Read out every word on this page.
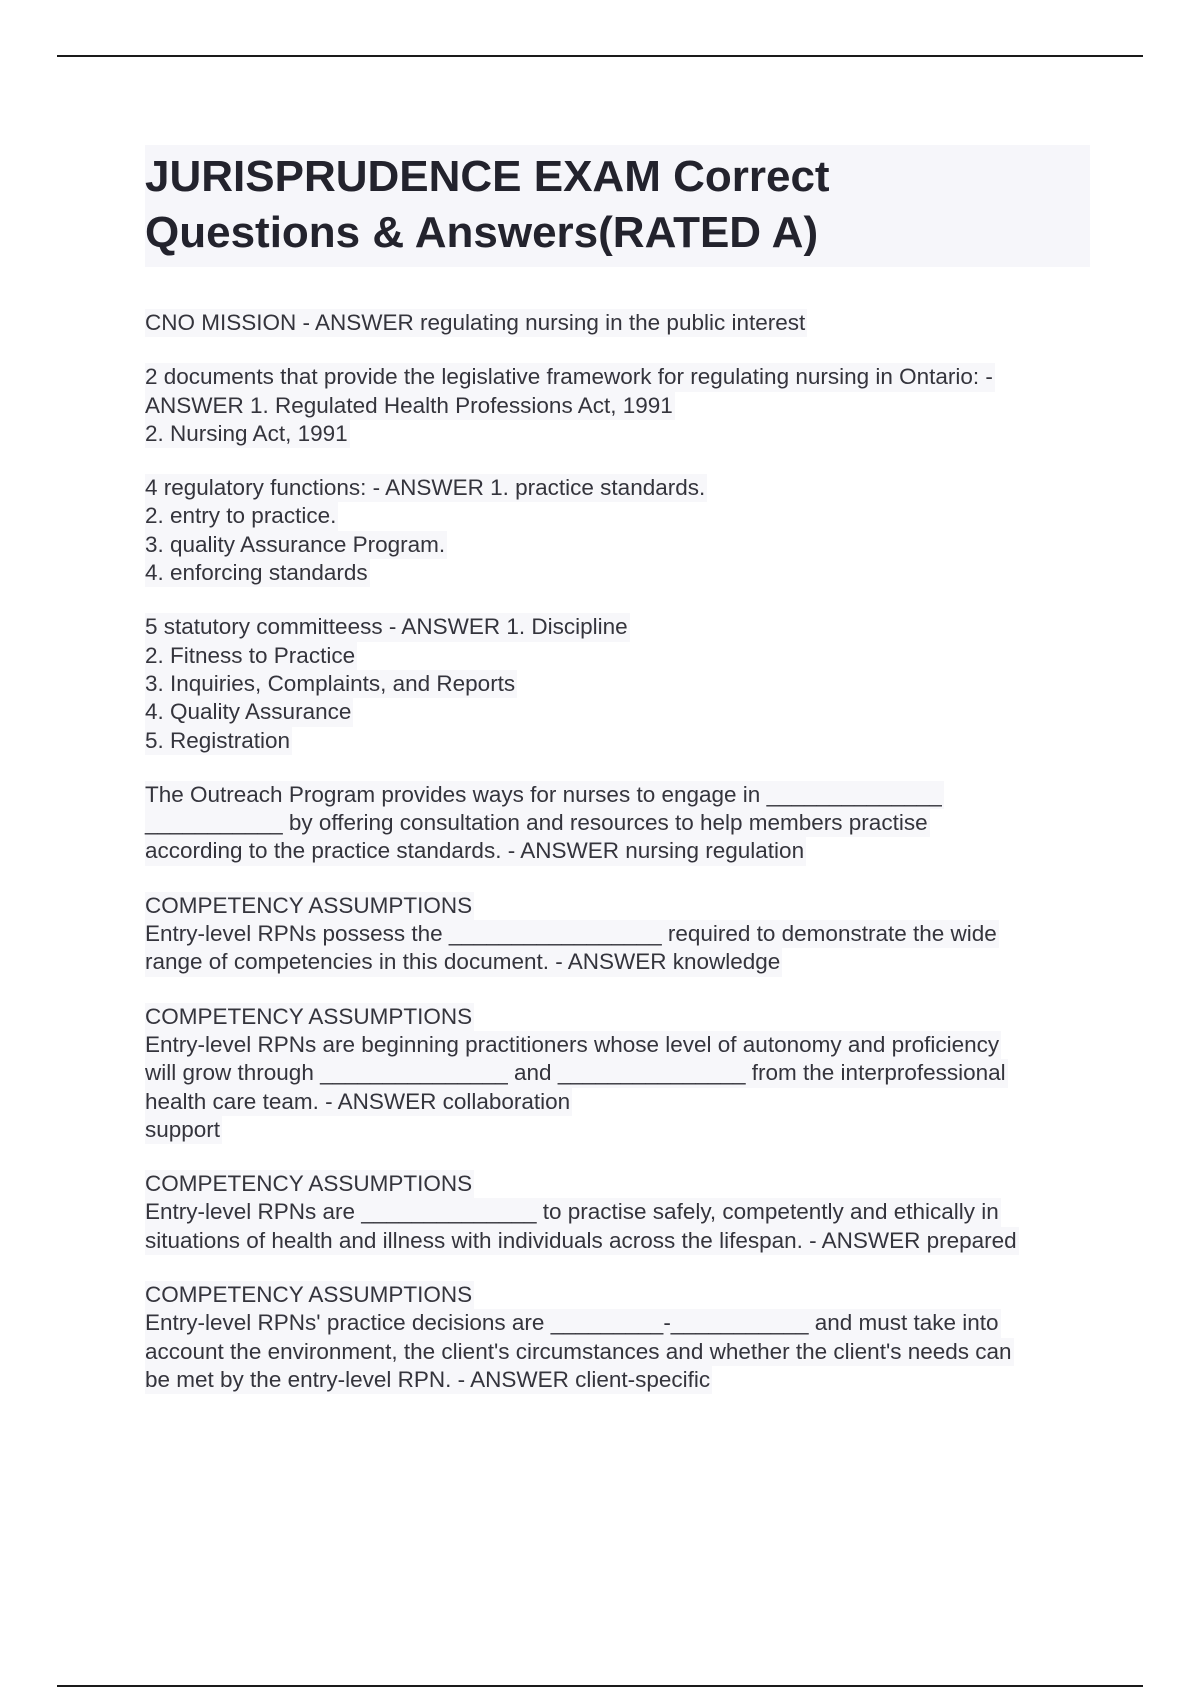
JURISPRUDENCE EXAM Correct
Questions & Answers(RATED A)
CNO MISSION - ANSWER regulating nursing in the public interest
2 documents that provide the legislative framework for regulating nursing in Ontario: -
ANSWER 1. Regulated Health Professions Act, 1991
2. Nursing Act, 1991
4 regulatory functions: - ANSWER 1. practice standards.
2. entry to practice.
3. quality Assurance Program.
4. enforcing standards
5 statutory committeess - ANSWER 1. Discipline
2. Fitness to Practice
3. Inquiries, Complaints, and Reports
4. Quality Assurance
5. Registration
The Outreach Program provides ways for nurses to engage in ______________
___________ by offering consultation and resources to help members practise
according to the practice standards. - ANSWER nursing regulation
COMPETENCY ASSUMPTIONS
Entry-level RPNs possess the _________________ required to demonstrate the wide
range of competencies in this document. - ANSWER knowledge
COMPETENCY ASSUMPTIONS
Entry-level RPNs are beginning practitioners whose level of autonomy and proficiency
will grow through _______________ and _______________ from the interprofessional
health care team. - ANSWER collaboration
support
COMPETENCY ASSUMPTIONS
Entry-level RPNs are ______________ to practise safely, competently and ethically in
situations of health and illness with individuals across the lifespan. - ANSWER prepared
COMPETENCY ASSUMPTIONS
Entry-level RPNs' practice decisions are _________-___________ and must take into
account the environment, the client's circumstances and whether the client's needs can
be met by the entry-level RPN. - ANSWER client-specific
